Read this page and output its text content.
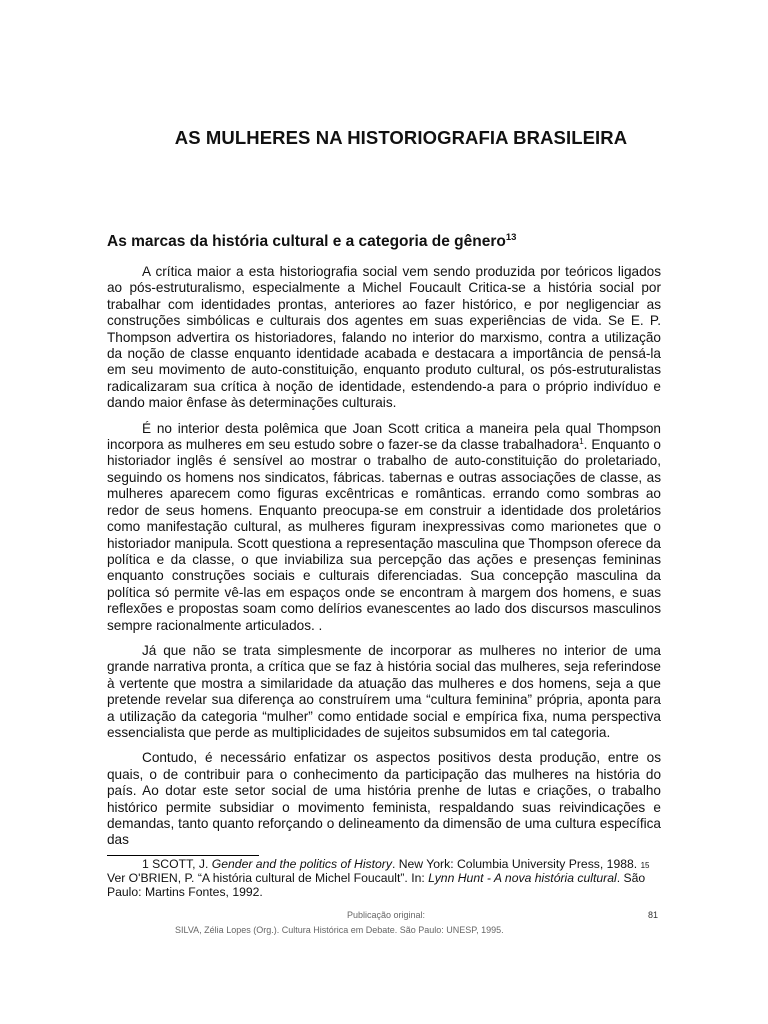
AS MULHERES NA HISTORIOGRAFIA BRASILEIRA
As marcas da história cultural e a categoria de gênero$^{13}$

A crítica maior a esta historiografia social vem sendo produzida por teóricos ligados ao pós-estruturalismo, especialmente a Michel Foucault Critica-se a história social por trabalhar com identidades prontas, anteriores ao fazer histórico, e por negligenciar as construções simbólicas e culturais dos agentes em suas experiências de vida. Se E. P. Thompson advertira os historiadores, falando no interior do marxismo, contra a utilização da noção de classe enquanto identidade acabada e destacara a importância de pensá-la em seu movimento de auto-constituição, enquanto produto cultural, os pós-estruturalistas radicalizaram sua crítica à noção de identidade, estendendo-a para o próprio indivíduo e dando maior ênfase às determinações culturais.

É no interior desta polêmica que Joan Scott critica a maneira pela qual Thompson incorpora as mulheres em seu estudo sobre o fazer-se da classe trabalhadora$^1$. Enquanto o historiador inglês é sensível ao mostrar o trabalho de auto-constituição do proletariado, seguindo os homens nos sindicatos, fábricas. tabernas e outras associações de classe, as mulheres aparecem como figuras excêntricas e românticas. errando como sombras ao redor de seus homens. Enquanto preocupa-se em construir a identidade dos proletários como manifestação cultural, as mulheres figuram inexpressivas como marionetes que o historiador manipula. Scott questiona a representação masculina que Thompson oferece da política e da classe, o que inviabiliza sua percepção das ações e presenças femininas enquanto construções sociais e culturais diferenciadas. Sua concepção masculina da política só permite vê-las em espaços onde se encontram à margem dos homens, e suas reflexões e propostas soam como delírios evanescentes ao lado dos discursos masculinos sempre racionalmente articulados. .

Já que não se trata simplesmente de incorporar as mulheres no interior de uma grande narrativa pronta, a crítica que se faz à história social das mulheres, seja referindose à vertente que mostra a similaridade da atuação das mulheres e dos homens, seja a que pretende revelar sua diferença ao construírem uma “cultura feminina” própria, aponta para a utilização da categoria “mulher” como entidade social e empírica fixa, numa perspectiva essencialista que perde as multiplicidades de sujeitos subsumidos em tal categoria.

Contudo, é necessário enfatizar os aspectos positivos desta produção, entre os quais, o de contribuir para o conhecimento da participação das mulheres na história do país. Ao dotar este setor social de uma história prenhe de lutas e criações, o trabalho histórico permite subsidiar o movimento feminista, respaldando suas reivindicações e demandas, tanto quanto reforçando o delineamento da dimensão de uma cultura específica das

1 SCOTT, J. Gender and the politics of History. New York: Columbia University Press, 1988. 15
Ver O'BRIEN, P. “A história cultural de Michel Foucault”. In: Lynn Hunt - A nova história cultural. São Paulo: Martins Fontes, 1992.
Publicação original:	81
SILVA, Zélia Lopes (Org.). Cultura Histórica em Debate. São Paulo: UNESP, 1995.
